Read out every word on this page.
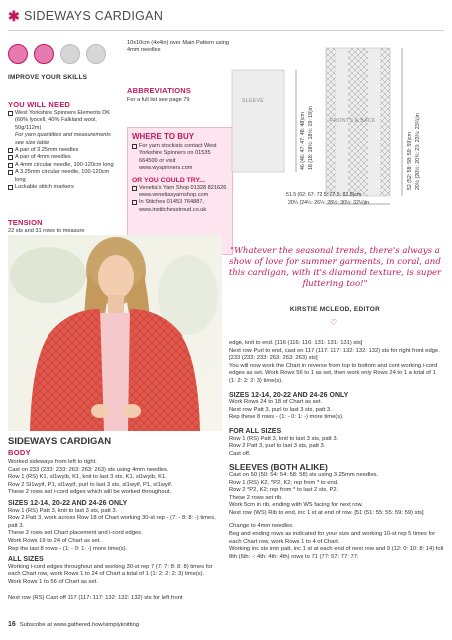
✱ SIDEWAYS CARDIGAN
IMPROVE YOUR SKILLS
YOU WILL NEED
West Yorkshire Spinners Elements DK (60% lyocell, 40% Falkland wool, 50g/112m)
For yarn quantities and measurements see size table
A pair of 3.25mm needles
A pair of 4mm needles
A 4mm circular needle, 100-120cm long
A 3.25mm circular needle, 100-120cm long
Lockable stitch markers
TENSION
22 sts and 31 rows to measure
10x10cm (4x4in) over Main Pattern using 4mm needles
ABBREVIATIONS
For a full list see page 79
WHERE TO BUY
For yarn stockists contact West Yorkshire Spinners on 01535 664500 or visit www.wyspinners.com
OR YOU COULD TRY...
Venetia's Yarn Shop 01328 821626 www.venetiasyarnshop.com
In Stitches 01453 764887, www.institchesstroud.co.uk
SLEEVE
FRONTS & BACK
46 (46: 47: 47: 48: 48)cm 18 (18: 18½: 18½: 19: 19)in	52 (52: 58: 58: 59: 59)cm 20½ (20½: 20¾: 23: 23¼: 23¼)in
51.5 (62: 67: 72.5: 77.5: 82.5)cm
20¼ (24¼: 26¼: 28½: 30½: 32½)in
"Whatever the seasonal trends, there's always a show of love for summer garments, in coral, and this cardigan, with it's diamond texture, is super fluttering too!"
KIRSTIE MCLEOD, EDITOR
♡
SIDEWAYS CARDIGAN
BODY
Worked sideways from left to right.
Cast on 233 (233: 233: 263: 263: 263) sts using 4mm needles.
Row 1 (RS) K1, sl1wyib, K1, knit to last 3 sts, K1, sl1wyib, K1.
Row 2 Sl1wyif, P1, sl1wyif, purl to last 3 sts, sl1wyif, P1, sl1wyif.
These 2 rows set i-cord edges which will be worked throughout.
SIZES 12-14, 20-22 AND 24-26 ONLY
Row 1 (RS) Patt 3, knit to last 3 sts, patt 3.
Row 2 Patt 3, work across Row 18 of Chart working 30-st rep - (7: - 8: 8: -) times, patt 3.
These 2 rows set Chart placement and i-cord edges.
Work Rows 19 to 24 of Chart as set.
Rep the last 8 rows - (1: - 0: 1: -) more time(s).
ALL SIZES
Working i-cord edges throughout and working 30-st rep 7 (7: 7: 8: 8: 8) times for each Chart row, work Rows 1 to 24 of Chart a total of 1 (1: 2: 2: 2: 3) time(s).
Work Rows 1 to 56 of Chart as set.
Next row (RS) Cast off 117 (117: 117: 132: 132: 132) sts for left front
edge, knit to end. [116 (116: 116: 131: 131: 131) sts]
Next row Purl to end, cast on 117 (117: 117: 132: 132: 132) sts for right front edge. [233 (233: 233: 263: 263: 263) sts]
You will now work the Chart in reverse from top to bottom and cont working i-cord edges as set. Work Rows 56 to 1 as set, then work only Rows 24 to 1 a total of 1 (1: 2: 2: 2: 3) time(s).
SIZES 12-14, 20-22 AND 24-26 ONLY
Work Rows 24 to 18 of Chart as set.
Next row Patt 3, purl to last 3 sts, patt 3.
Rep these 8 rows - (1: - 0: 1: -) more time(s).
FOR ALL SIZES
Row 1 (RS) Patt 3, knit to last 3 sts, patt 3.
Row 2 Patt 3, purl to last 3 sts, patt 3.
Cast off.
SLEEVES (BOTH ALIKE)
Cast on 50 (50: 54: 54: 58: 58) sts using 3.25mm needles.
Row 1 (RS) K2, *P2, K2; rep from * to end.
Row 2 *P2, K2; rep from * to last 2 sts, P2.
These 2 rows set rib.
Work 5cm in rib, ending with WS facing for next row.
Next row (WS) Rib to end, inc 1 st at end of row. [51 (51: 55: 55: 59: 59) sts]
Change to 4mm needles.
Beg and ending rows as indicated for your size and working 10-st rep 5 times for each Chart row, work Rows 1 to 4 of Chart.
Working inc sts into patt, inc 1 st at each end of next row and 9 (12: 0: 10: 8: 14) foll 8th (6th: -: 4th: 4th: 4th) rows to 71 (77: 57: 77: 77:
16 Subscribe at www.gathered.how/simplyknitting
